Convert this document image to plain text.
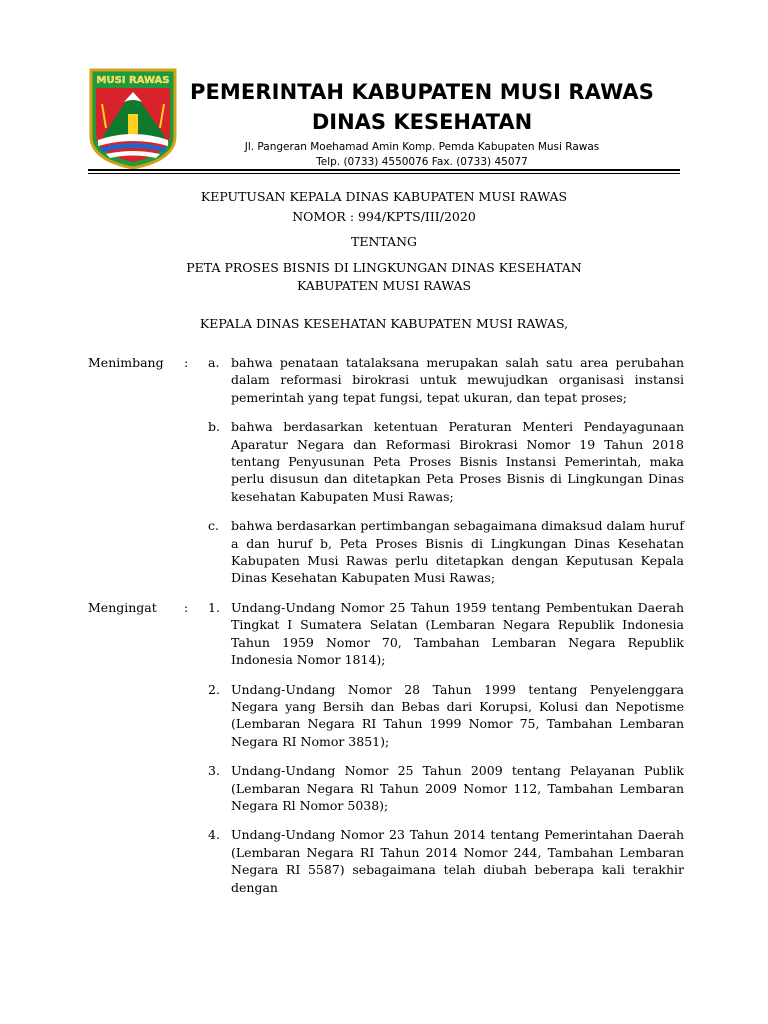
MUSI RAWAS PEMERINTAH KABUPATEN MUSI RAWAS
DINAS KESEHATAN
Jl. Pangeran Moehamad Amin Komp. Pemda Kabupaten Musi Rawas
Telp. (0733) 4550076 Fax. (0733) 45077
KEPUTUSAN KEPALA DINAS KABUPATEN MUSI RAWAS
NOMOR : 994/KPTS/III/2020
TENTANG
PETA PROSES BISNIS DI LINGKUNGAN DINAS KESEHATAN
KABUPATEN MUSI RAWAS
KEPALA DINAS KESEHATAN KABUPATEN MUSI RAWAS,
Menimbang	:	a. bahwa penataan tatalaksana merupakan salah satu area perubahan dalam reformasi birokrasi untuk mewujudkan organisasi instansi pemerintah yang tepat fungsi, tepat ukuran, dan tepat proses;
b. bahwa berdasarkan ketentuan Peraturan Menteri Pendayagunaan Aparatur Negara dan Reformasi Birokrasi Nomor 19 Tahun 2018 tentang Penyusunan Peta Proses Bisnis Instansi Pemerintah, maka perlu disusun dan ditetapkan Peta Proses Bisnis di Lingkungan Dinas kesehatan Kabupaten Musi Rawas;
c. bahwa berdasarkan pertimbangan sebagaimana dimaksud dalam huruf a dan huruf b, Peta Proses Bisnis di Lingkungan Dinas Kesehatan Kabupaten Musi Rawas perlu ditetapkan dengan Keputusan Kepala Dinas Kesehatan Kabupaten Musi Rawas;
Mengingat	:	1. Undang-Undang Nomor 25 Tahun 1959 tentang Pembentukan Daerah Tingkat I Sumatera Selatan (Lembaran Negara Republik Indonesia Tahun 1959 Nomor 70, Tambahan Lembaran Negara Republik Indonesia Nomor 1814);
2. Undang-Undang Nomor 28 Tahun 1999 tentang Penyelenggara Negara yang Bersih dan Bebas dari Korupsi, Kolusi dan Nepotisme (Lembaran Negara RI Tahun 1999 Nomor 75, Tambahan Lembaran Negara RI Nomor 3851);
3. Undang-Undang Nomor 25 Tahun 2009 tentang Pelayanan Publik (Lembaran Negara Rl Tahun 2009 Nomor 112, Tambahan Lembaran Negara Rl Nomor 5038);
4. Undang-Undang Nomor 23 Tahun 2014 tentang Pemerintahan Daerah (Lembaran Negara RI Tahun 2014 Nomor 244, Tambahan Lembaran Negara RI 5587) sebagaimana telah diubah beberapa kali terakhir dengan
